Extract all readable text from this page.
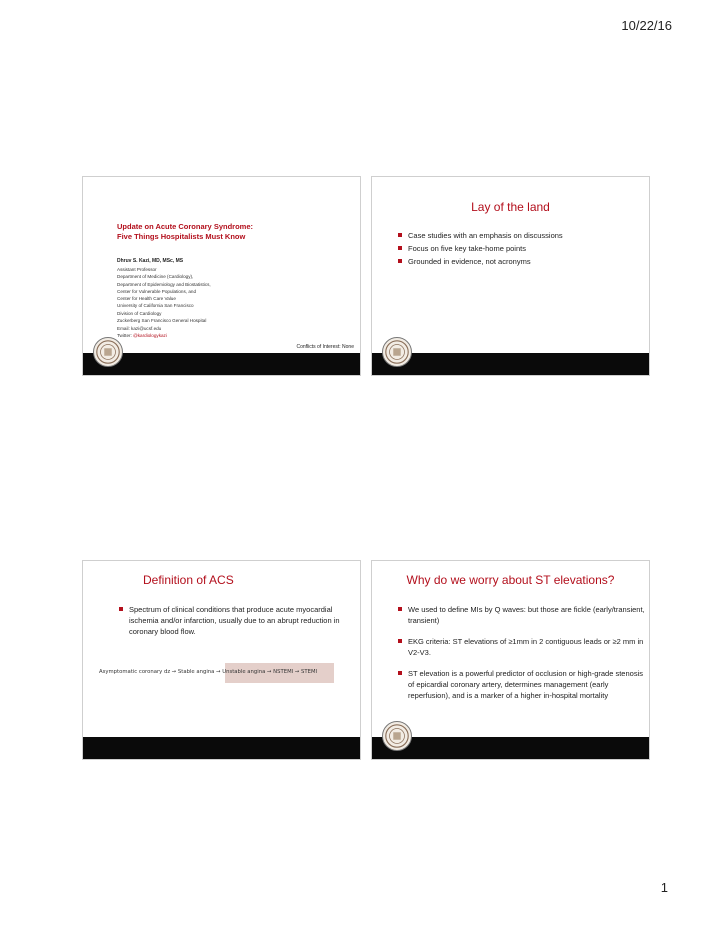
10/22/16
Update on Acute Coronary Syndrome:
Five Things Hospitalists Must Know
Dhruv S. Kazi, MD, MSc, MS
Assistant Professor
Department of Medicine (Cardiology),
Department of Epidemiology and Biostatistics,
Center for Vulnerable Populations, and
Center for Health Care Value
University of California San Francisco
Division of Cardiology
Zuckerberg San Francisco General Hospital
Email: kazi@ucsf.edu
Twitter: @kardiologykazi
Conflicts of Interest: None
Lay of the land
Case studies with an emphasis on discussions
Focus on five key take-home points
Grounded in evidence, not acronyms
Definition of ACS
Spectrum of clinical conditions that produce acute myocardial ischemia and/or infarction, usually due to an abrupt reduction in coronary blood flow.
Asymptomatic coronary dz → Stable angina → Unstable angina → NSTEMI → STEMI
Why do we worry about ST elevations?
We used to define MIs by Q waves: but those are fickle (early/transient, transient)
EKG criteria: ST elevations of ≥1mm in 2 contiguous leads or ≥2 mm in V2-V3.
ST elevation is a powerful predictor of occlusion or high-grade stenosis of epicardial coronary artery, determines management (early reperfusion), and is a marker of a higher in-hospital mortality
1
